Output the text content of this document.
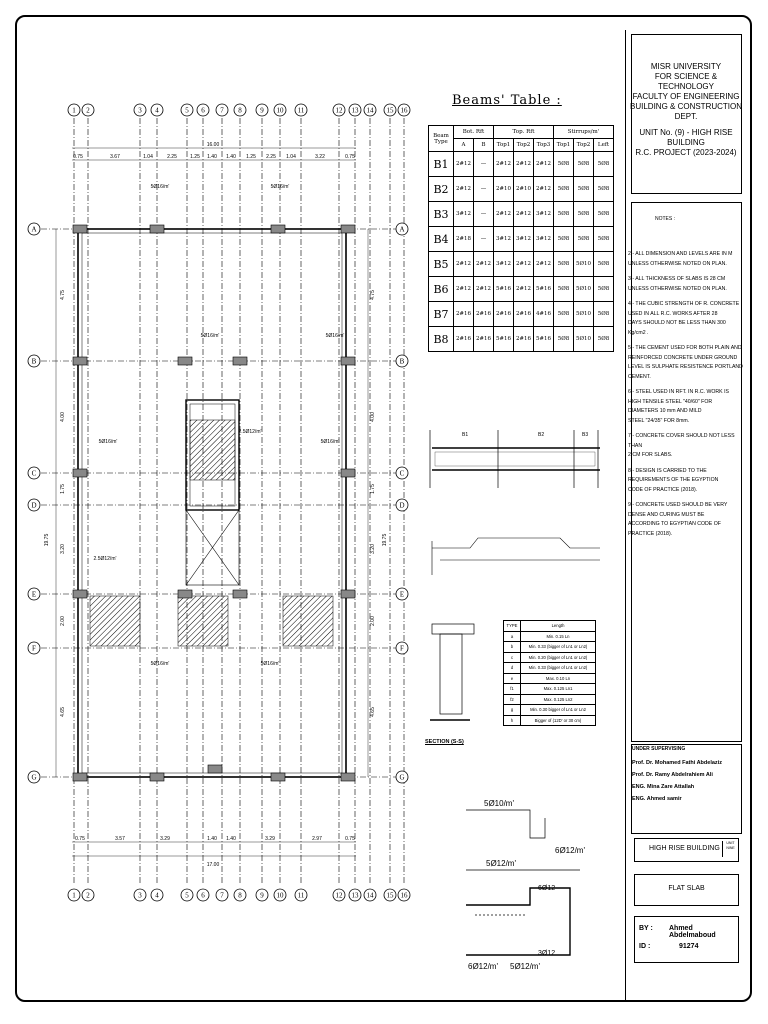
1
1
2
2
3
3
4
4
5
5
6
6
7
7
8
8
9
9
10
10
11
11
12
12
13
13
14
14
15
15
16
16
A	A
B	B
C	C
D	D
E	E
F	F
G	G
0.75	3.67	1.04	2.25	1.25 1.40 1.40 1.25 2.25 1.04	3.22	0.75
16.00
0.75	3.57	3.29	1.40 1.40	3.29	2.97	0.75
17.00
4.75	4.75
4.00	4.00
1.75	1.75
3.20	3.20
2.00	2.00
4.65	4.65
19.75	19.75
5Ø16/m'	5Ø16/m'
5Ø16/m'	5Ø16/m'
5Ø16/m'	5Ø16/m'
2.5Ø12/m'
2.5Ø12/m'
5Ø16/m'	5Ø16/m'
MISR UNIVERSITY
FOR SCIENCE & TECHNOLOGY
FACULTY OF ENGINEERING
BUILDING & CONSTRUCTION DEPT.
UNIT No. (9) - HIGH RISE BUILDING
R.C. PROJECT (2023-2024)
NOTES :
2 - ALL DIMENSION AND LEVELS ARE IN M
UNLESS OTHERWISE NOTED ON PLAN.
3 - ALL THICKNESS OF SLABS IS 28 CM
UNLESS OTHERWISE NOTED ON PLAN.
4 - THE CUBIC STRENGTH OF R. CONCRETE
USED IN ALL R.C. WORKS AFTER 28
DAYS SHOULD NOT BE LESS THAN 300
Kg/cm2 .
5 - THE CEMENT USED FOR BOTH PLAIN AND
REINFORCED CONCRETE UNDER GROUND
LEVEL IS SULPHATE RESISTENCE PORTLAND
CEMENT.
6 - STEEL USED IN RFT. IN R.C. WORK IS
HIGH TENSILE STEEL "40/60" FOR
DIAMETERS 10 mm AND MILD
STEEL "24/35" FOR 8mm.
7 - CONCRETE COVER SHOULD NOT LESS THAN
2 CM FOR SLABS.
8 - DESIGN IS CARRIED TO THE
REQUIREMENTS OF THE EGYPTION
CODE OF PRACTICE (2018).
9 - CONCRETE USED SHOULD BE VERY
DENSE AND CURING MUST BE
ACCORDING TO EGYPTIAN CODE OF
PRACTICE (2018).
UNDER SUPERVISING
Prof. Dr. Mohamed Fathi Abdelaziz
Prof. Dr. Ramy Abdelrahiem Ali
ENG. Mina Zare Attallah
ENG. Ahmed samir
HIGH RISE BUILDING
UNIT NINE
FLAT SLAB
BY : Ahmed Abdelmaboud
ID :	91274
Beams' Table :
Beam Type	Bot. Rft		Top. Rft			Stirrups/m'		
	A	B	Top1	Top2	Top3	Top1	Top2	Left
B1	2#12	—	2#12	2#12	2#12	5Ø8	5Ø8	5Ø8
B2	2#12	—	2#10	2#10	2#12	5Ø8	5Ø8	5Ø8
B3	3#12	—	2#12	2#12	3#12	5Ø8	5Ø8	5Ø8
B4	2#18	—	3#12	3#12	3#12	5Ø8	5Ø8	5Ø8
B5	2#12	2#12	3#12	2#12	2#12	5Ø8	5Ø10	5Ø8
B6	2#12	2#12	5#16	2#12	5#16	5Ø8	5Ø10	5Ø8
B7	2#16	2#16	2#16	2#16	4#16	5Ø8	5Ø10	5Ø8
B8	2#16	2#16	5#16	2#16	5#16	5Ø8	5Ø10	5Ø8
TYPE	Length
a	Min. 0.15 Ln
b	Min. 0.33 (bigger of Ln1 or Ln2)
c	Min. 0.20 (bigger of Ln1 or Ln2)
d	Min. 0.33 (bigger of Ln1 or Ln2)
e	Max. 0.10 Ln
f1	Max. 0.125 Ln1
f2	Max. 0.125 Ln2
g	Min. 0.30 bigger of Ln1 or Ln2
h	Bigger of (12D' or 30 cm)
SECTION (S-S)
B1	B2	B3
5Ø10/m'
6Ø12/m'
5Ø12/m'
6Ø12
6Ø12/m' 5Ø12/m'
3Ø12
